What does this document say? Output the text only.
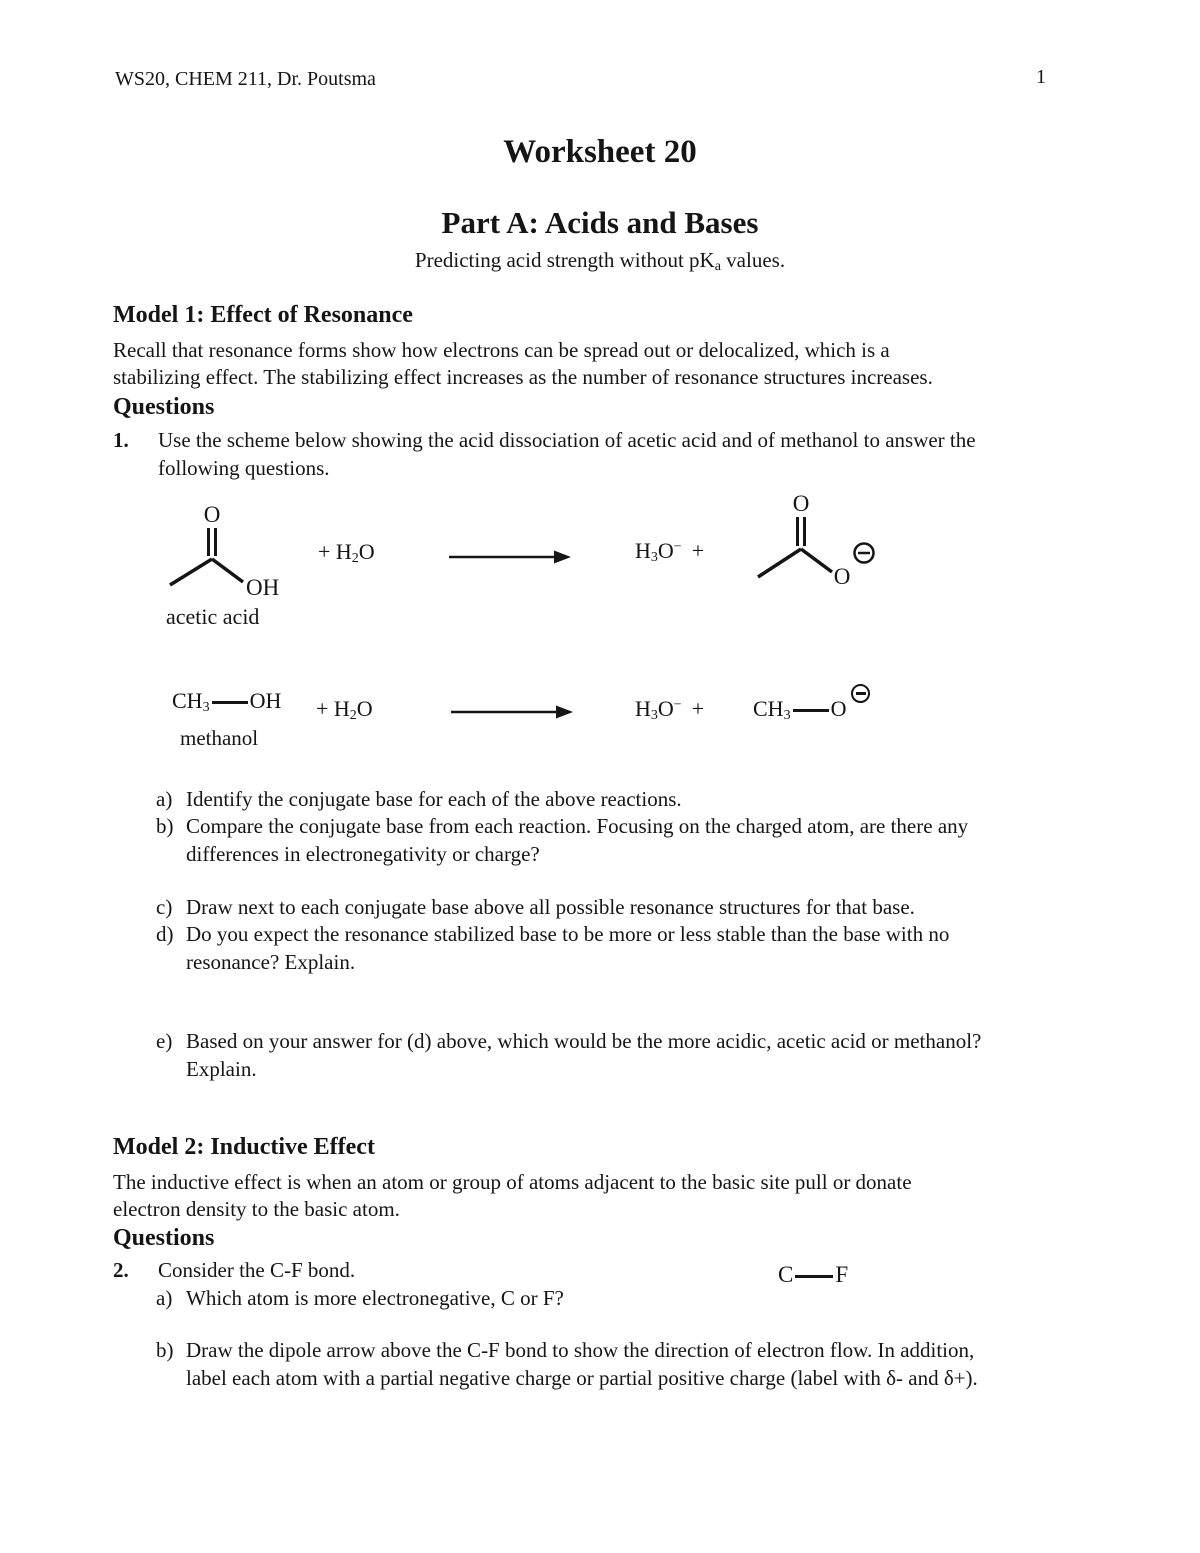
WS20, CHEM 211, Dr. Poutsma	1
Worksheet 20
Part A: Acids and Bases
Predicting acid strength without $pK_a$ values.
Model 1: Effect of Resonance
Recall that resonance forms show how electrons can be spread out or delocalized, which is a
stabilizing effect. The stabilizing effect increases as the number of resonance structures increases.
Questions
1.	Use the scheme below showing the acid dissociation of acetic acid and of methanol to answer the
following questions.
O
OH
acetic acid
+ $H_2O$	$H_3O^-$ +
O
O
$CH_3$ OH
methanol
+ $H_2O$	$H_3O^- + CH_3$ O
a) Identify the conjugate base for each of the above reactions.
b) Compare the conjugate base from each reaction. Focusing on the charged atom, are there any
differences in electronegativity or charge?
c) Draw next to each conjugate base above all possible resonance structures for that base.
d) Do you expect the resonance stabilized base to be more or less stable than the base with no
resonance? Explain.
e) Based on your answer for (d) above, which would be the more acidic, acetic acid or methanol?
Explain.
Model 2: Inductive Effect
The inductive effect is when an atom or group of atoms adjacent to the basic site pull or donate
electron density to the basic atom.
Questions
2.	Consider the C-F bond.	C F
a) Which atom is more electronegative, C or F?
b) Draw the dipole arrow above the C-F bond to show the direction of electron flow. In addition,
label each atom with a partial negative charge or partial positive charge (label with δ- and δ+).
